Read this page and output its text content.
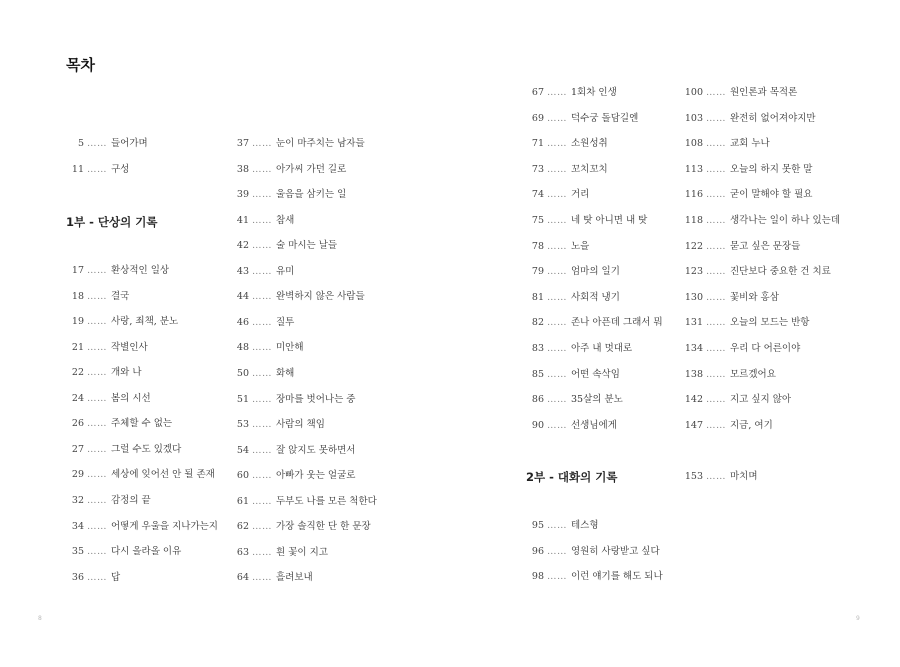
목차
5 …… 들어가며
11 …… 구성
1부 - 단상의 기록
17 …… 환상적인 일상
18 …… 결국
19 …… 사랑, 죄책, 분노
21 …… 작별인사
22 …… 개와 나
24 …… 봄의 시선
26 …… 주체할 수 없는
27 …… 그럴 수도 있겠다
29 …… 세상에 잊어선 안 될 존재
32 …… 감정의 끝
34 …… 어떻게 우울을 지나가는지
35 …… 다시 올라올 이유
36 …… 답
37 …… 눈이 마주치는 남자들
38 …… 아가씨 가던 길로
39 …… 울음을 삼키는 일
41 …… 참새
42 …… 술 마시는 날들
43 …… 유미
44 …… 완벽하지 않은 사람들
46 …… 질투
48 …… 미안해
50 …… 화해
51 …… 장마를 벗어나는 중
53 …… 사람의 책임
54 …… 잘 앉지도 못하면서
60 …… 아빠가 웃는 얼굴로
61 …… 두부도 나를 모른 척한다
62 …… 가장 솔직한 단 한 문장
63 …… 흰 꽃이 지고
64 …… 흘려보내
8
67 …… 1회차 인생
69 …… 덕수궁 돌담길엔
71 …… 소원성취
73 …… 꼬치꼬치
74 …… 거리
75 …… 네 탓 아니면 내 탓
78 …… 노을
79 …… 엄마의 일기
81 …… 사회적 냉기
82 …… 존나 아픈데 그래서 뭐
83 …… 아주 내 멋대로
85 …… 어떤 속삭임
86 …… 35살의 분노
90 …… 선생님에게
2부 - 대화의 기록
95 …… 테스형
96 …… 영원히 사랑받고 싶다
98 …… 이런 얘기를 해도 되나
100 …… 원인론과 목적론
103 …… 완전히 없어져야지만
108 …… 교회 누나
113 …… 오늘의 하지 못한 말
116 …… 굳이 말해야 할 필요
118 …… 생각나는 일이 하나 있는데
122 …… 묻고 싶은 문장들
123 …… 진단보다 중요한 건 치료
130 …… 꽃비와 홍삼
131 …… 오늘의 모드는 반항
134 …… 우리 다 어른이야
138 …… 모르겠어요
142 …… 지고 싶지 않아
147 …… 지금, 여기
153 …… 마치며
9
